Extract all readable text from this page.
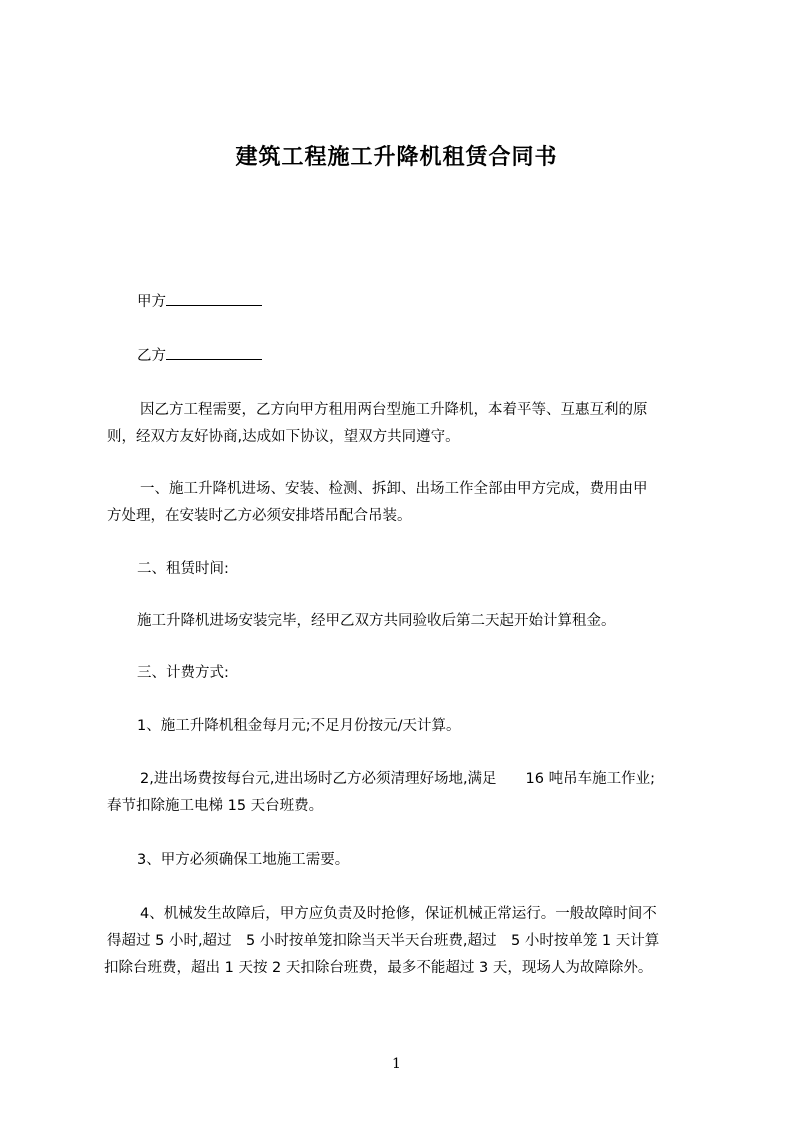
建筑工程施工升降机租赁合同书
甲方
乙方
因乙方工程需要，乙方向甲方租用两台型施工升降机，本着平等、互惠互利的原
则，经双方友好协商,达成如下协议，望双方共同遵守。
一、施工升降机进场、安装、检测、拆卸、出场工作全部由甲方完成，费用由甲
方处理，在安装时乙方必须安排塔吊配合吊装。
二、租赁时间:
施工升降机进场安装完毕，经甲乙双方共同验收后第二天起开始计算租金。
三、计费方式:
1、施工升降机租金每月元;不足月份按元/天计算。
2,进出场费按每台元,进出场时乙方必须清理好场地,满足　　16 吨吊车施工作业;
春节扣除施工电梯 15 天台班费。
3、甲方必须确保工地施工需要。
4、机械发生故障后，甲方应负责及时抢修，保证机械正常运行。一般故障时间不
得超过 5 小时,超过　5 小时按单笼扣除当天半天台班费,超过　5 小时按单笼 1 天计算
扣除台班费，超出 1 天按 2 天扣除台班费，最多不能超过 3 天，现场人为故障除外。
1
